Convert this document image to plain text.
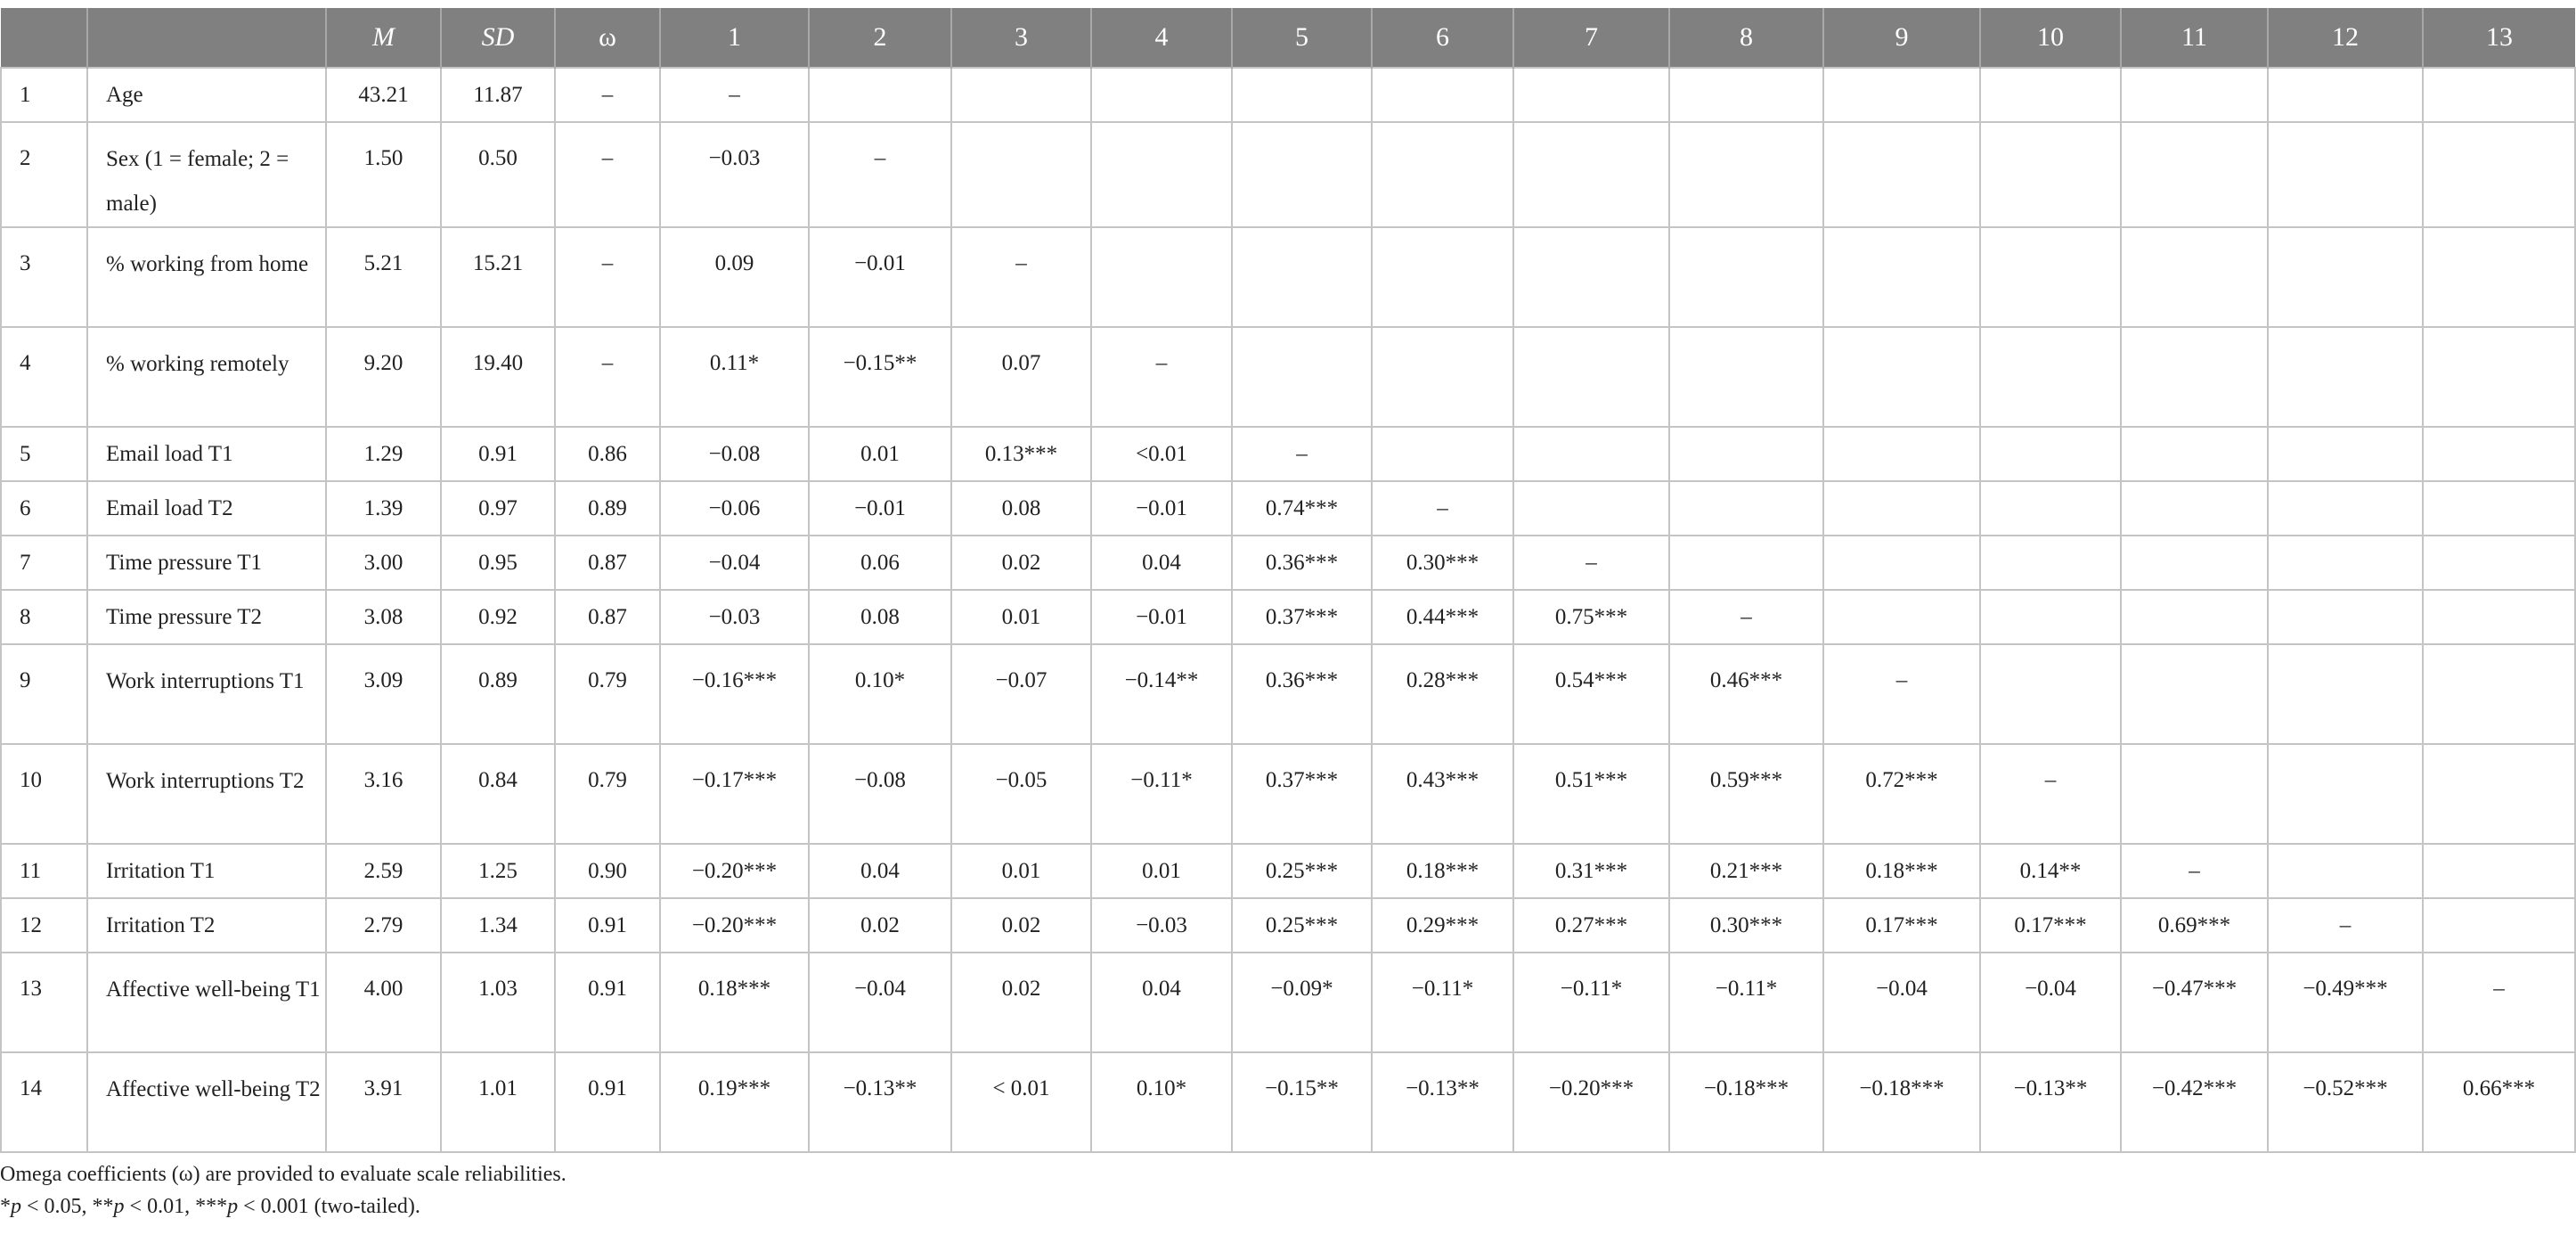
		M	SD	ω	1	2	3	4	5	6	7	8	9	10	11	12	13
1	Age	43.21	11.87	–	–												
2	Sex (1 = female; 2 = male)	1.50	0.50	–	−0.03	–											
3	% working from home	5.21	15.21	–	0.09	−0.01	–										
4	% working remotely	9.20	19.40	–	0.11*	−0.15**	0.07	–									
5	Email load T1	1.29	0.91	0.86	−0.08	0.01	0.13***	<0.01	–								
6	Email load T2	1.39	0.97	0.89	−0.06	−0.01	0.08	−0.01	0.74***	–							
7	Time pressure T1	3.00	0.95	0.87	−0.04	0.06	0.02	0.04	0.36***	0.30***	–						
8	Time pressure T2	3.08	0.92	0.87	−0.03	0.08	0.01	−0.01	0.37***	0.44***	0.75***	–					
9	Work interruptions T1	3.09	0.89	0.79	−0.16***	0.10*	−0.07	−0.14**	0.36***	0.28***	0.54***	0.46***	–				
10	Work interruptions T2	3.16	0.84	0.79	−0.17***	−0.08	−0.05	−0.11*	0.37***	0.43***	0.51***	0.59***	0.72***	–			
11	Irritation T1	2.59	1.25	0.90	−0.20***	0.04	0.01	0.01	0.25***	0.18***	0.31***	0.21***	0.18***	0.14**	–		
12	Irritation T2	2.79	1.34	0.91	−0.20***	0.02	0.02	−0.03	0.25***	0.29***	0.27***	0.30***	0.17***	0.17***	0.69***	–	
13	Affective well-being T1	4.00	1.03	0.91	0.18***	−0.04	0.02	0.04	−0.09*	−0.11*	−0.11*	−0.11*	−0.04	−0.04	−0.47***	−0.49***	–
14	Affective well-being T2	3.91	1.01	0.91	0.19***	−0.13**	< 0.01	0.10*	−0.15**	−0.13**	−0.20***	−0.18***	−0.18***	−0.13**	−0.42***	−0.52***	0.66***
Omega coefficients (ω) are provided to evaluate scale reliabilities.
*p < 0.05, **p < 0.01, ***p < 0.001 (two-tailed).
